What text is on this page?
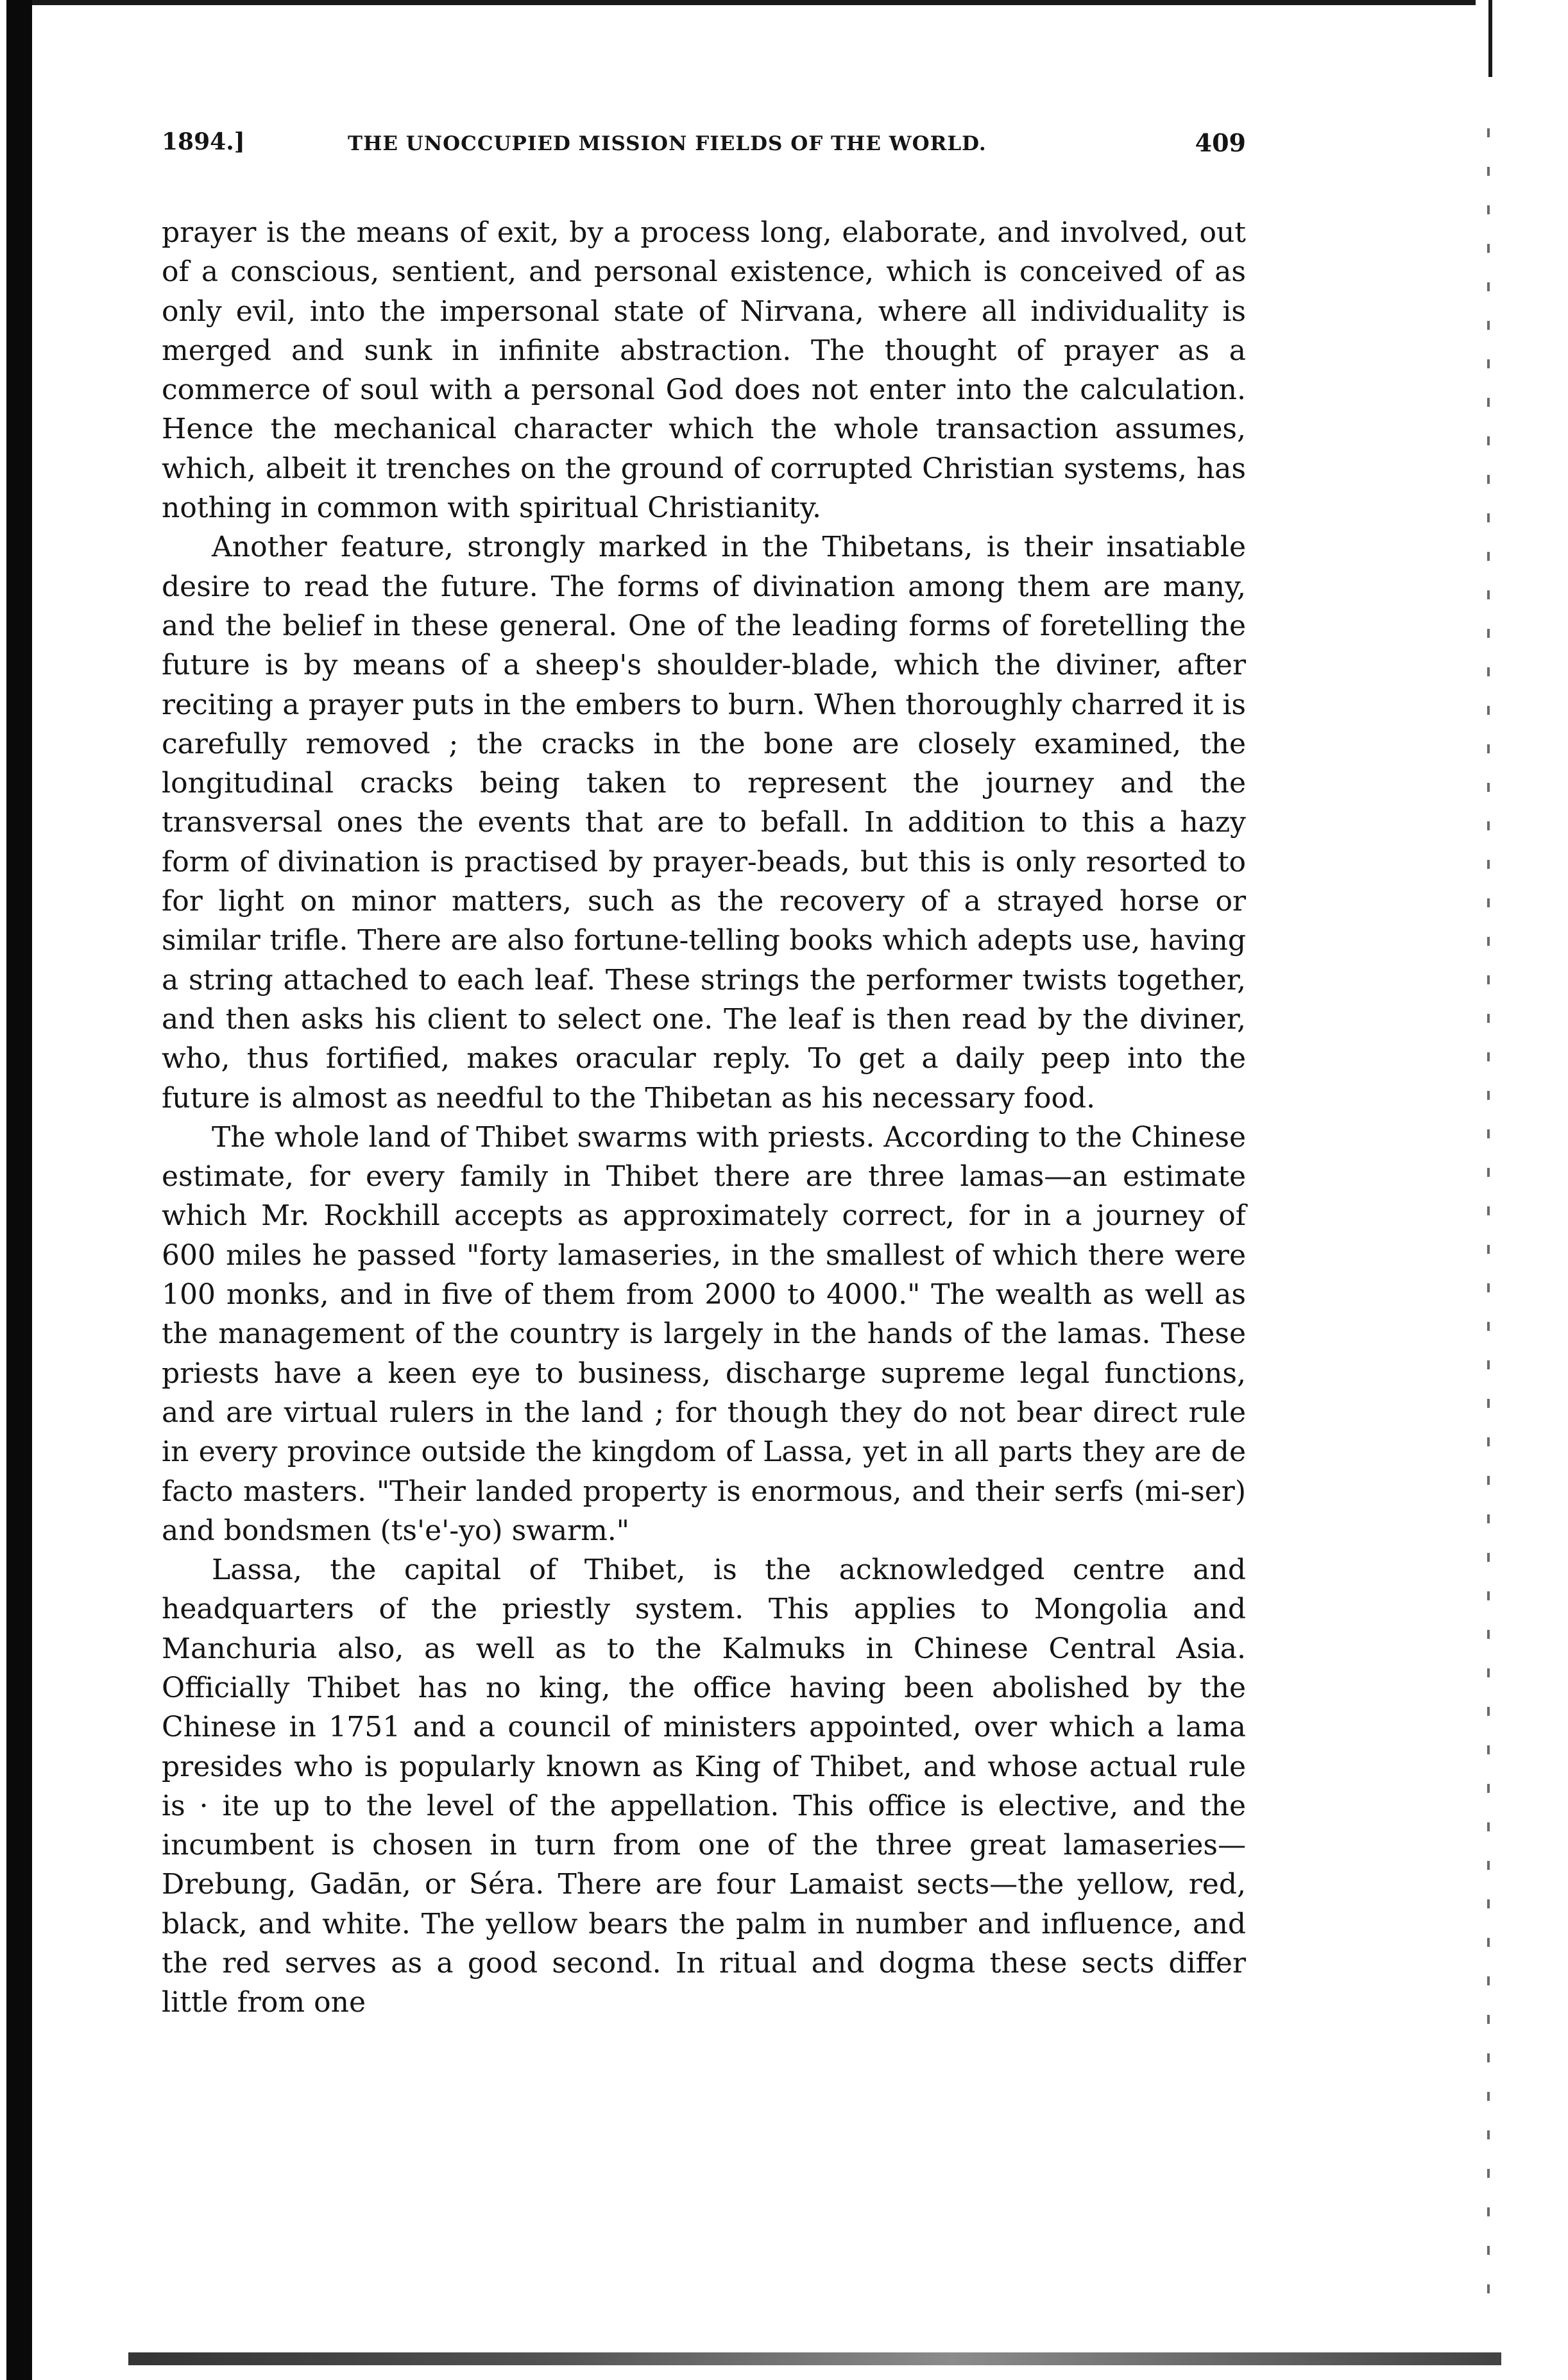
1894.]	THE UNOCCUPIED MISSION FIELDS OF THE WORLD.	409

prayer is the means of exit, by a process long, elaborate, and involved, out of a conscious, sentient, and personal existence, which is conceived of as only evil, into the impersonal state of Nirvana, where all individuality is merged and sunk in infinite abstraction. The thought of prayer as a commerce of soul with a personal God does not enter into the calculation. Hence the mechanical character which the whole transaction assumes, which, albeit it trenches on the ground of corrupted Christian systems, has nothing in common with spiritual Christianity.

Another feature, strongly marked in the Thibetans, is their insatiable desire to read the future. The forms of divination among them are many, and the belief in these general. One of the leading forms of foretelling the future is by means of a sheep's shoulder-blade, which the diviner, after reciting a prayer puts in the embers to burn. When thoroughly charred it is carefully removed ; the cracks in the bone are closely examined, the longitudinal cracks being taken to represent the journey and the transversal ones the events that are to befall. In addition to this a hazy form of divination is practised by prayer-beads, but this is only resorted to for light on minor matters, such as the recovery of a strayed horse or similar trifle. There are also fortune-telling books which adepts use, having a string attached to each leaf. These strings the performer twists together, and then asks his client to select one. The leaf is then read by the diviner, who, thus fortified, makes oracular reply. To get a daily peep into the future is almost as needful to the Thibetan as his necessary food.

The whole land of Thibet swarms with priests. According to the Chinese estimate, for every family in Thibet there are three lamas—an estimate which Mr. Rockhill accepts as approximately correct, for in a journey of 600 miles he passed "forty lamaseries, in the smallest of which there were 100 monks, and in five of them from 2000 to 4000." The wealth as well as the management of the country is largely in the hands of the lamas. These priests have a keen eye to business, discharge supreme legal functions, and are virtual rulers in the land ; for though they do not bear direct rule in every province outside the kingdom of Lassa, yet in all parts they are de facto masters. "Their landed property is enormous, and their serfs (mi-ser) and bondsmen (ts'e'-yo) swarm."

Lassa, the capital of Thibet, is the acknowledged centre and headquarters of the priestly system. This applies to Mongolia and Manchuria also, as well as to the Kalmuks in Chinese Central Asia. Officially Thibet has no king, the office having been abolished by the Chinese in 1751 and a council of ministers appointed, over which a lama presides who is popularly known as King of Thibet, and whose actual rule is · ite up to the level of the appellation. This office is elective, and the incumbent is chosen in turn from one of the three great lamaseries—Drebung, Gadān, or Séra. There are four Lamaist sects—the yellow, red, black, and white. The yellow bears the palm in number and influence, and the red serves as a good second. In ritual and dogma these sects differ little from one
